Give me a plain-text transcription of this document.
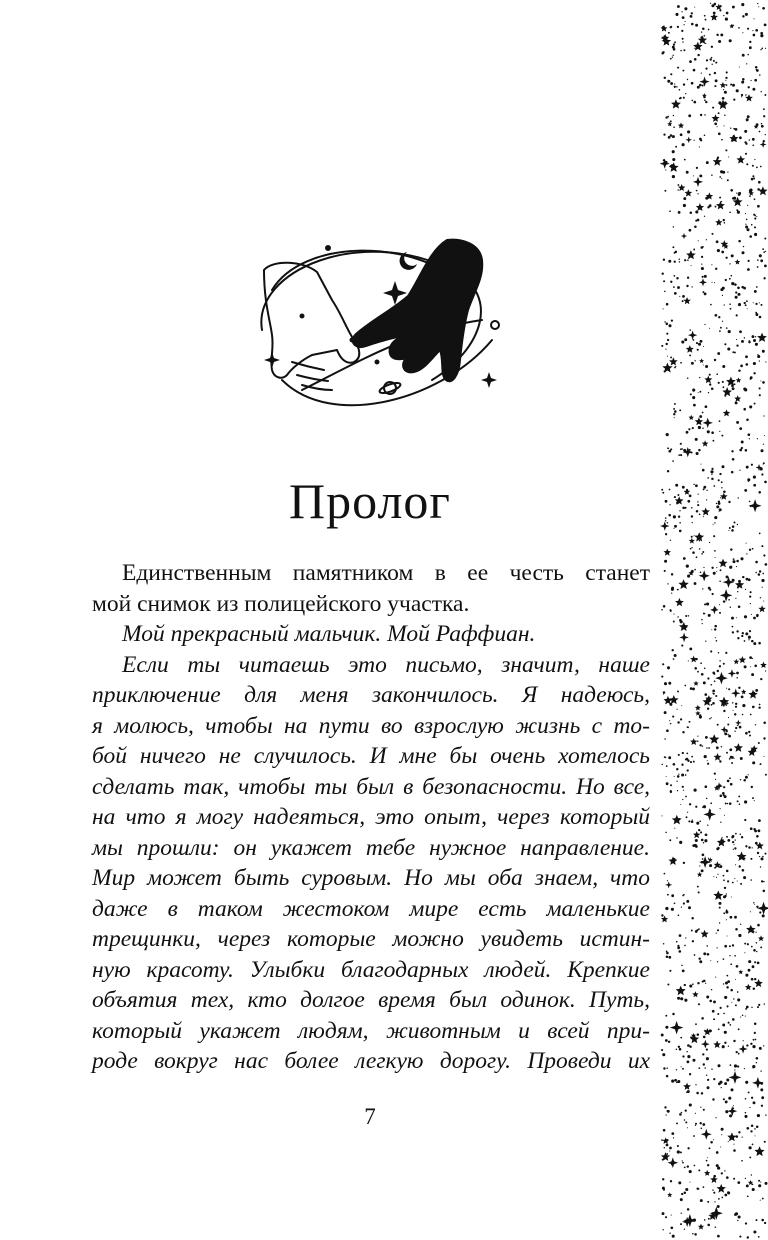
Пролог
Единственным памятником в ее честь станет
мой снимок из полицейского участка.
Мой прекрасный мальчик. Мой Раффиан.
Если ты читаешь это письмо, значит, наше
приключение для меня закончилось. Я надеюсь,
я молюсь, чтобы на пути во взрослую жизнь с то-
бой ничего не случилось. И мне бы очень хотелось
сделать так, чтобы ты был в безопасности. Но все,
на что я могу надеяться, это опыт, через который
мы прошли: он укажет тебе нужное направление.
Мир может быть суровым. Но мы оба знаем, что
даже в таком жестоком мире есть маленькие
трещинки, через которые можно увидеть истин-
ную красоту. Улыбки благодарных людей. Крепкие
объятия тех, кто долгое время был одинок. Путь,
который укажет людям, животным и всей при-
роде вокруг нас более легкую дорогу. Проведи их
7
